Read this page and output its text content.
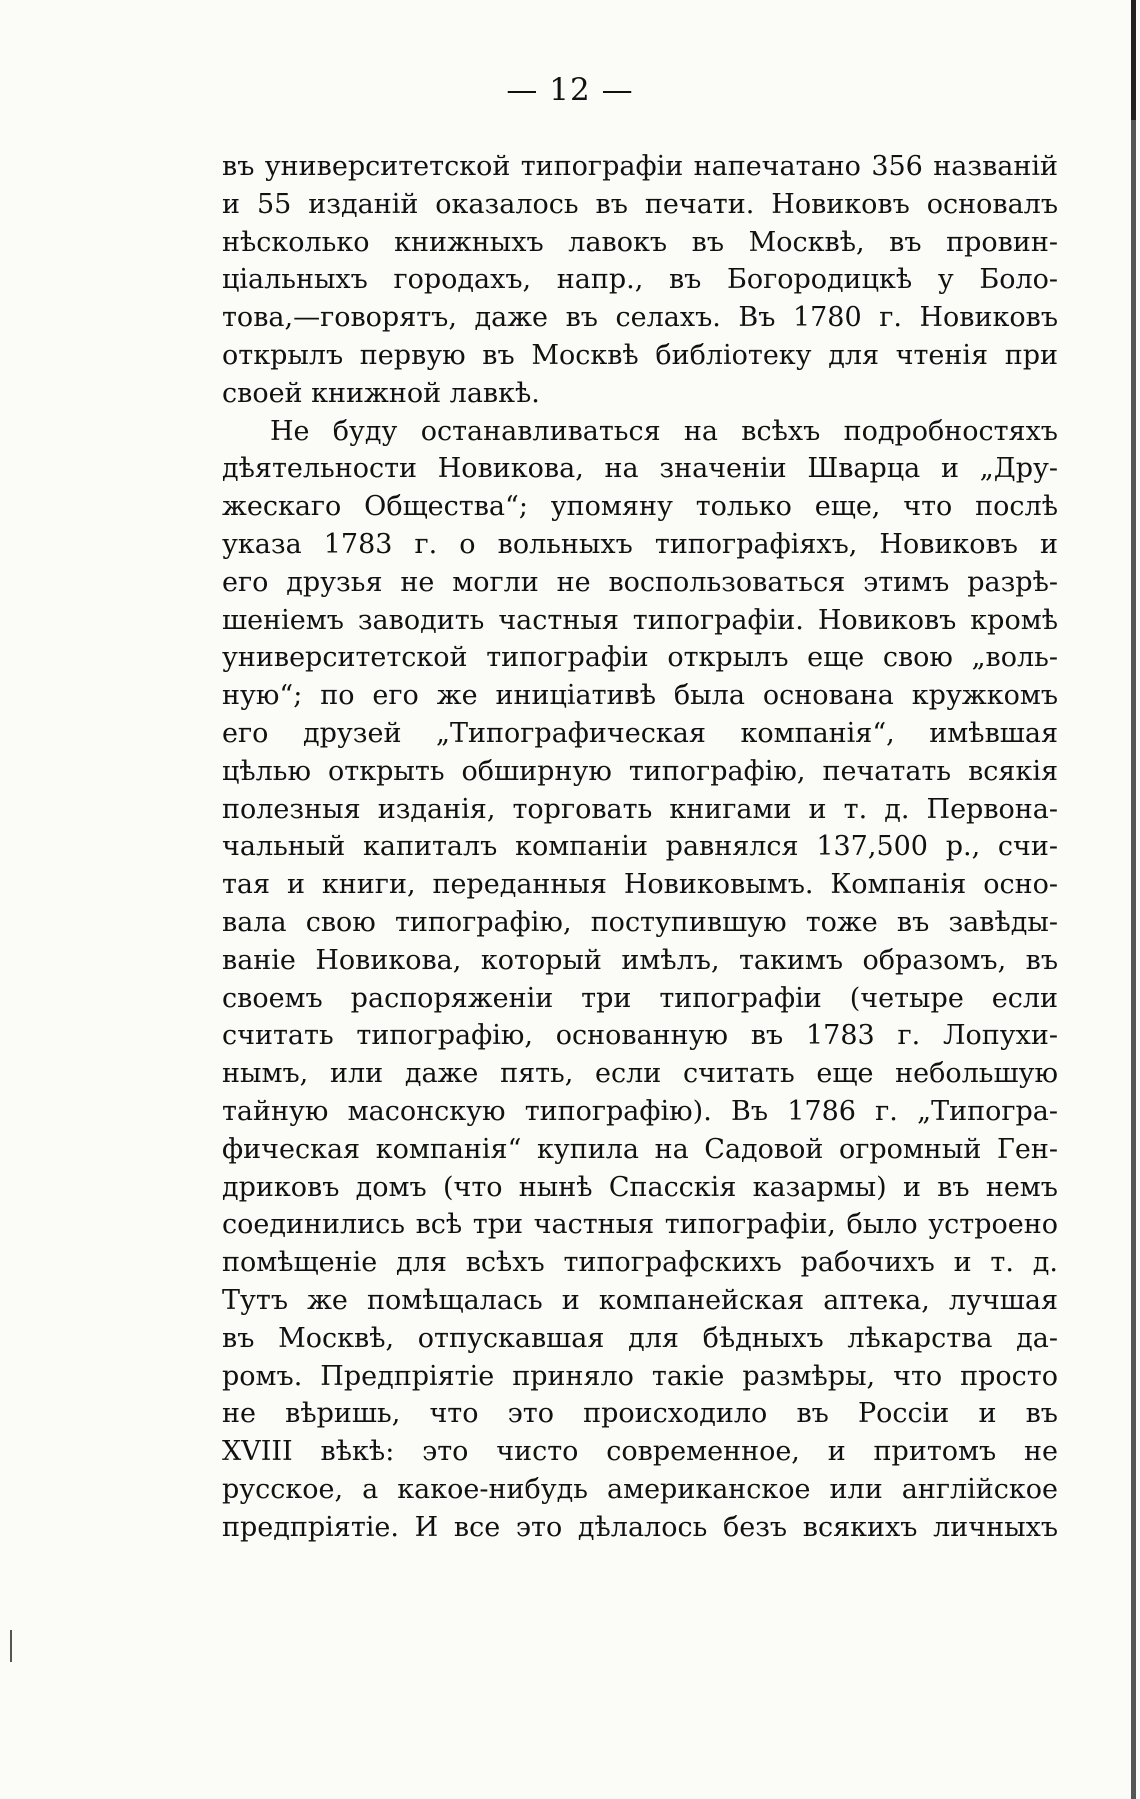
— 12 —
въ университетской типографіи напечатано 356 названій
и 55 изданій оказалось въ печати. Новиковъ основалъ
нѣсколько книжныхъ лавокъ въ Москвѣ, въ провин-
ціальныхъ городахъ, напр., въ Богородицкѣ у Боло-
това,—говорятъ, даже въ селахъ. Въ 1780 г. Новиковъ
открылъ первую въ Москвѣ библіотеку для чтенія при
своей книжной лавкѣ.
Не буду останавливаться на всѣхъ подробностяхъ
дѣятельности Новикова, на значеніи Шварца и „Дру-
жескаго Общества“; упомяну только еще, что послѣ
указа 1783 г. о вольныхъ типографіяхъ, Новиковъ и
его друзья не могли не воспользоваться этимъ разрѣ-
шеніемъ заводить частныя типографіи. Новиковъ кромѣ
университетской типографіи открылъ еще свою „воль-
ную“; по его же иниціативѣ была основана кружкомъ
его друзей „Типографическая компанія“, имѣвшая
цѣлью открыть обширную типографію, печатать всякія
полезныя изданія, торговать книгами и т. д. Первона-
чальный капиталъ компаніи равнялся 137,500 р., счи-
тая и книги, переданныя Новиковымъ. Компанія осно-
вала свою типографію, поступившую тоже въ завѣды-
ваніе Новикова, который имѣлъ, такимъ образомъ, въ
своемъ распоряженіи три типографіи (четыре если
считать типографію, основанную въ 1783 г. Лопухи-
нымъ, или даже пять, если считать еще небольшую
тайную масонскую типографію). Въ 1786 г. „Типогра-
фическая компанія“ купила на Садовой огромный Ген-
дриковъ домъ (что нынѣ Спасскія казармы) и въ немъ
соединились всѣ три частныя типографіи, было устроено
помѣщеніе для всѣхъ типографскихъ рабочихъ и т. д.
Тутъ же помѣщалась и компанейская аптека, лучшая
въ Москвѣ, отпускавшая для бѣдныхъ лѣкарства да-
ромъ. Предпріятіе приняло такіе размѣры, что просто
не вѣришь, что это происходило въ Россіи и въ
XVIII вѣкѣ: это чисто современное, и притомъ не
русское, а какое-нибудь американское или англійское
предпріятіе. И все это дѣлалось безъ всякихъ личныхъ
